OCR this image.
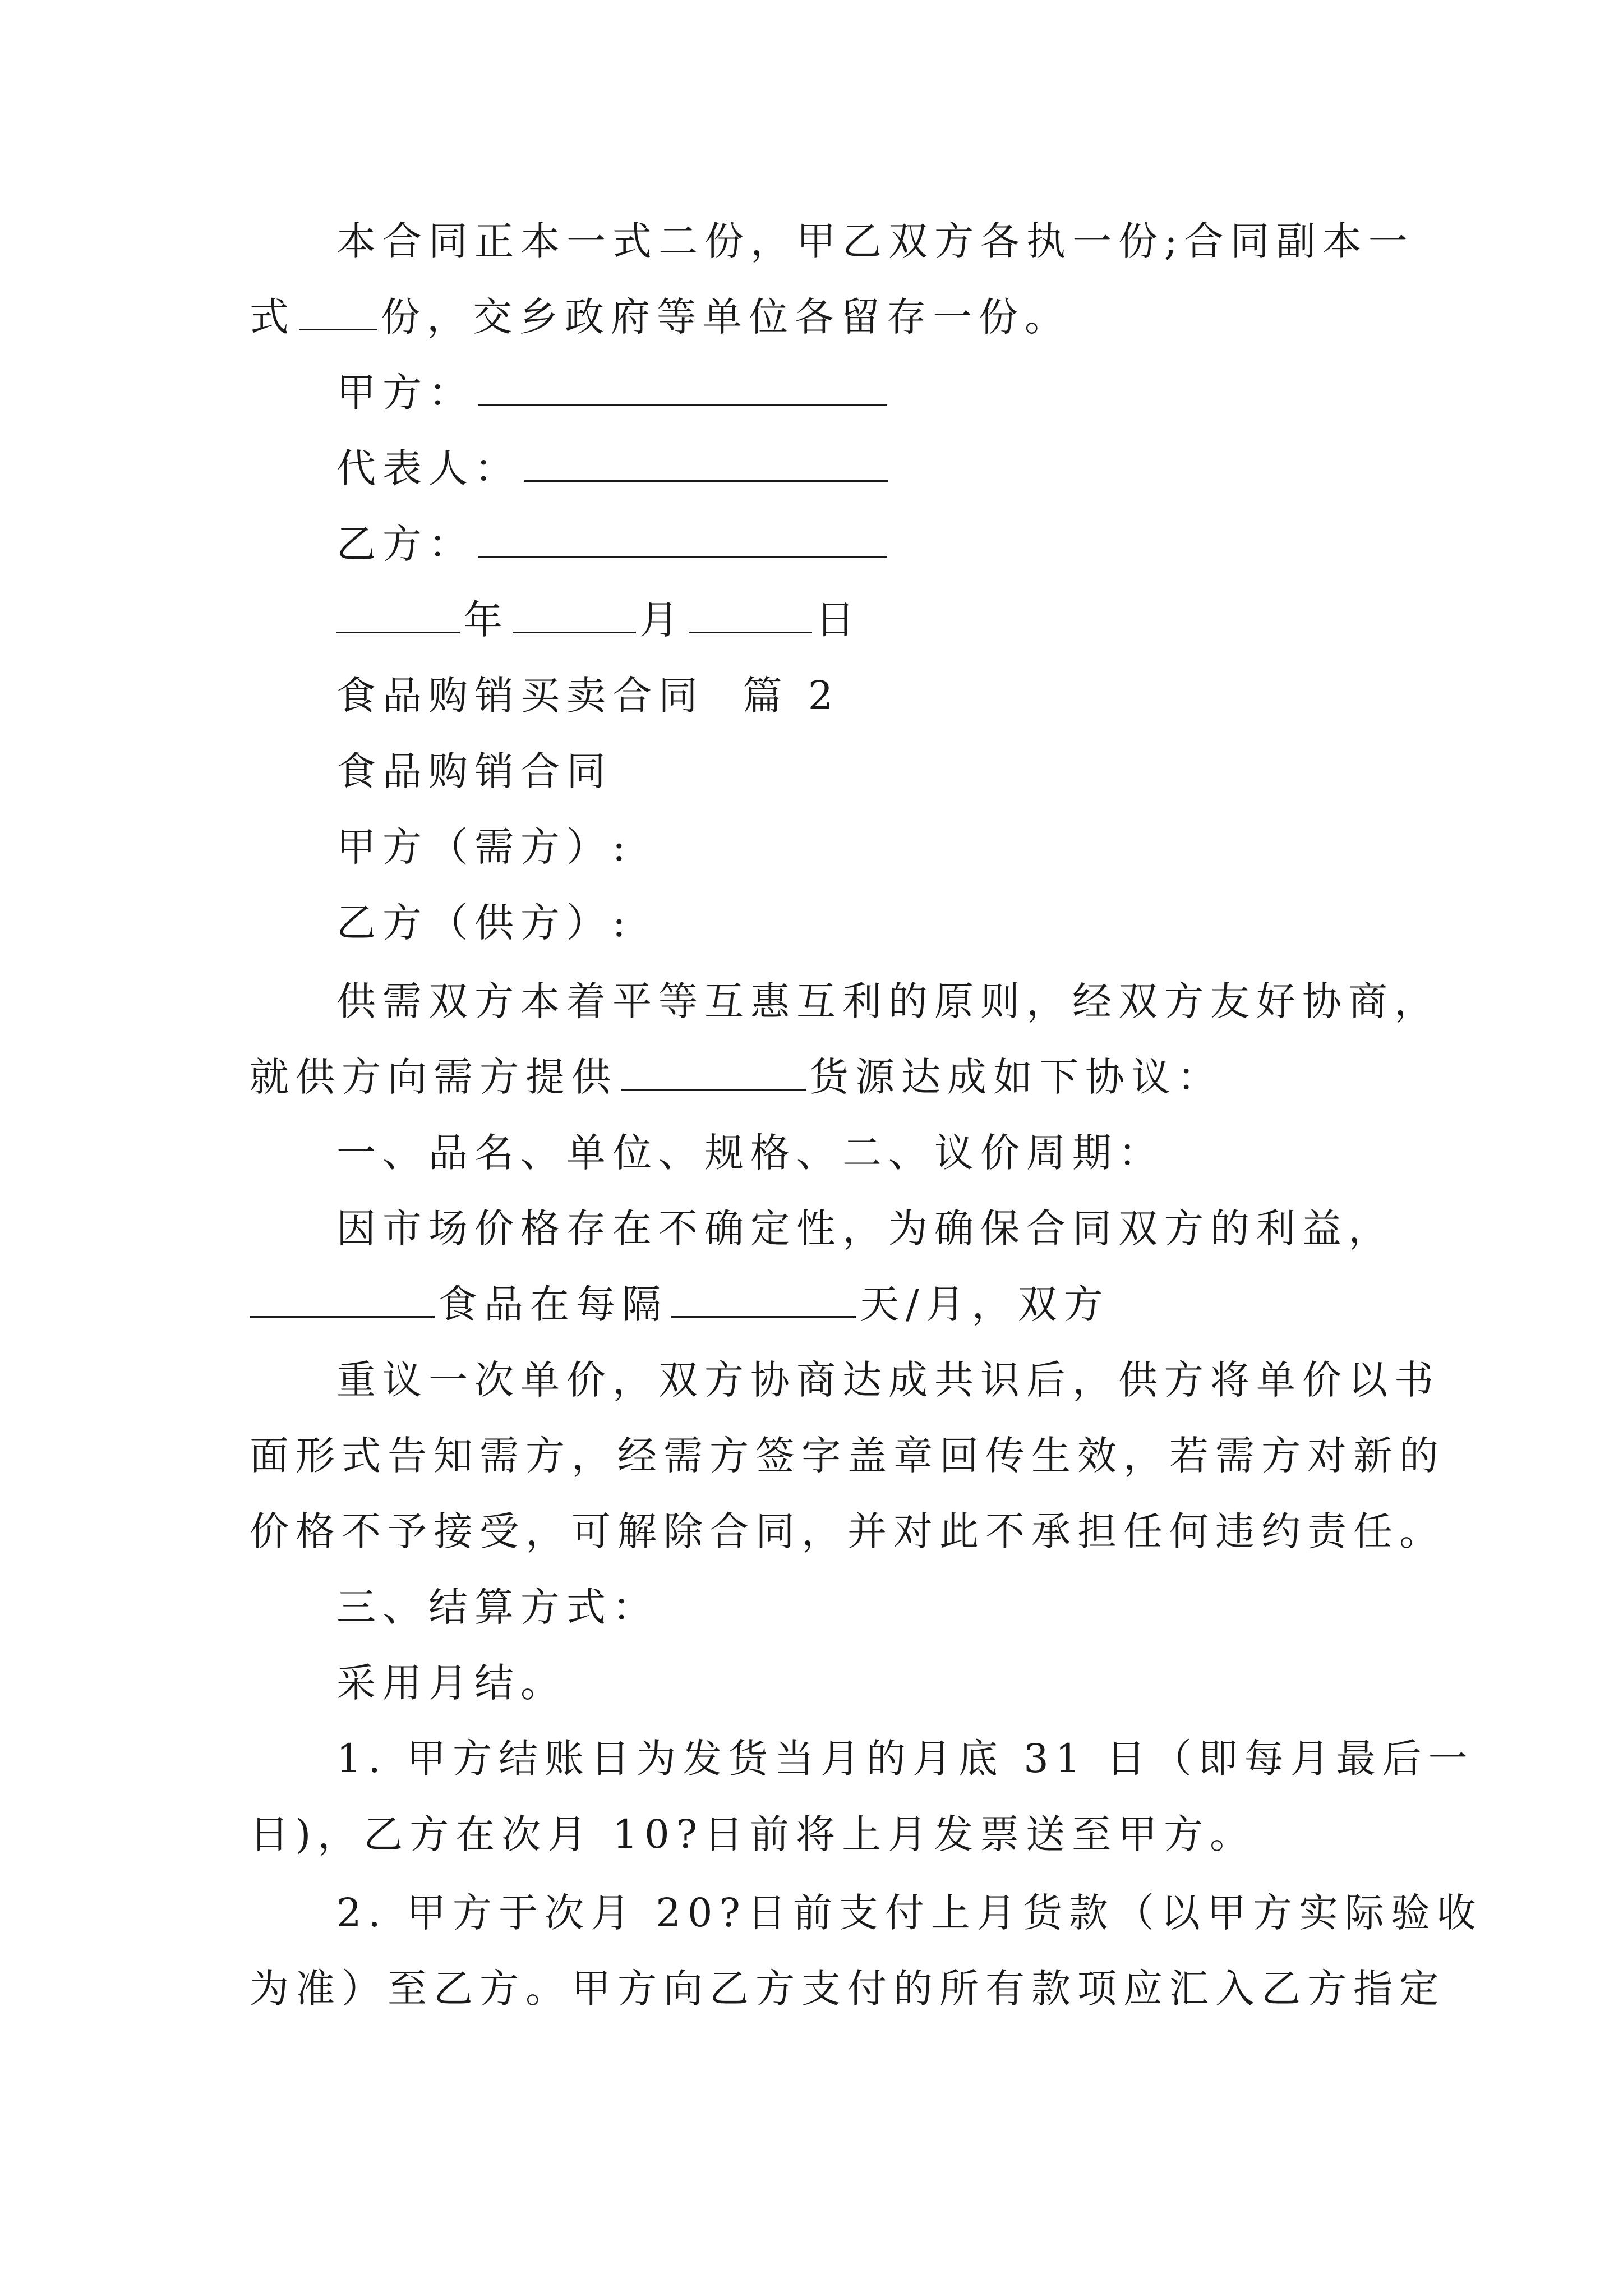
本合同正本一式二份，甲乙双方各执一份;合同副本一
式 份，交乡政府等单位各留存一份。
甲方：
代表人：
乙方：
年	月	日
食品购销买卖合同  篇 2
食品购销合同
甲方（需方）:
乙方（供方）:
供需双方本着平等互惠互利的原则，经双方友好协商，
就供方向需方提供	货源达成如下协议：
一、品名、单位、规格、二、议价周期：
因市场价格存在不确定性，为确保合同双方的利益，
食品在每隔	天/月，双方
重议一次单价，双方协商达成共识后，供方将单价以书
面形式告知需方，经需方签字盖章回传生效，若需方对新的
价格不予接受，可解除合同，并对此不承担任何违约责任。
三、结算方式：
采用月结。
1. 甲方结账日为发货当月的月底 31 日（即每月最后一
日)，乙方在次月 10?日前将上月发票送至甲方。
2. 甲方于次月 20?日前支付上月货款（以甲方实际验收
为准）至乙方。甲方向乙方支付的所有款项应汇入乙方指定
